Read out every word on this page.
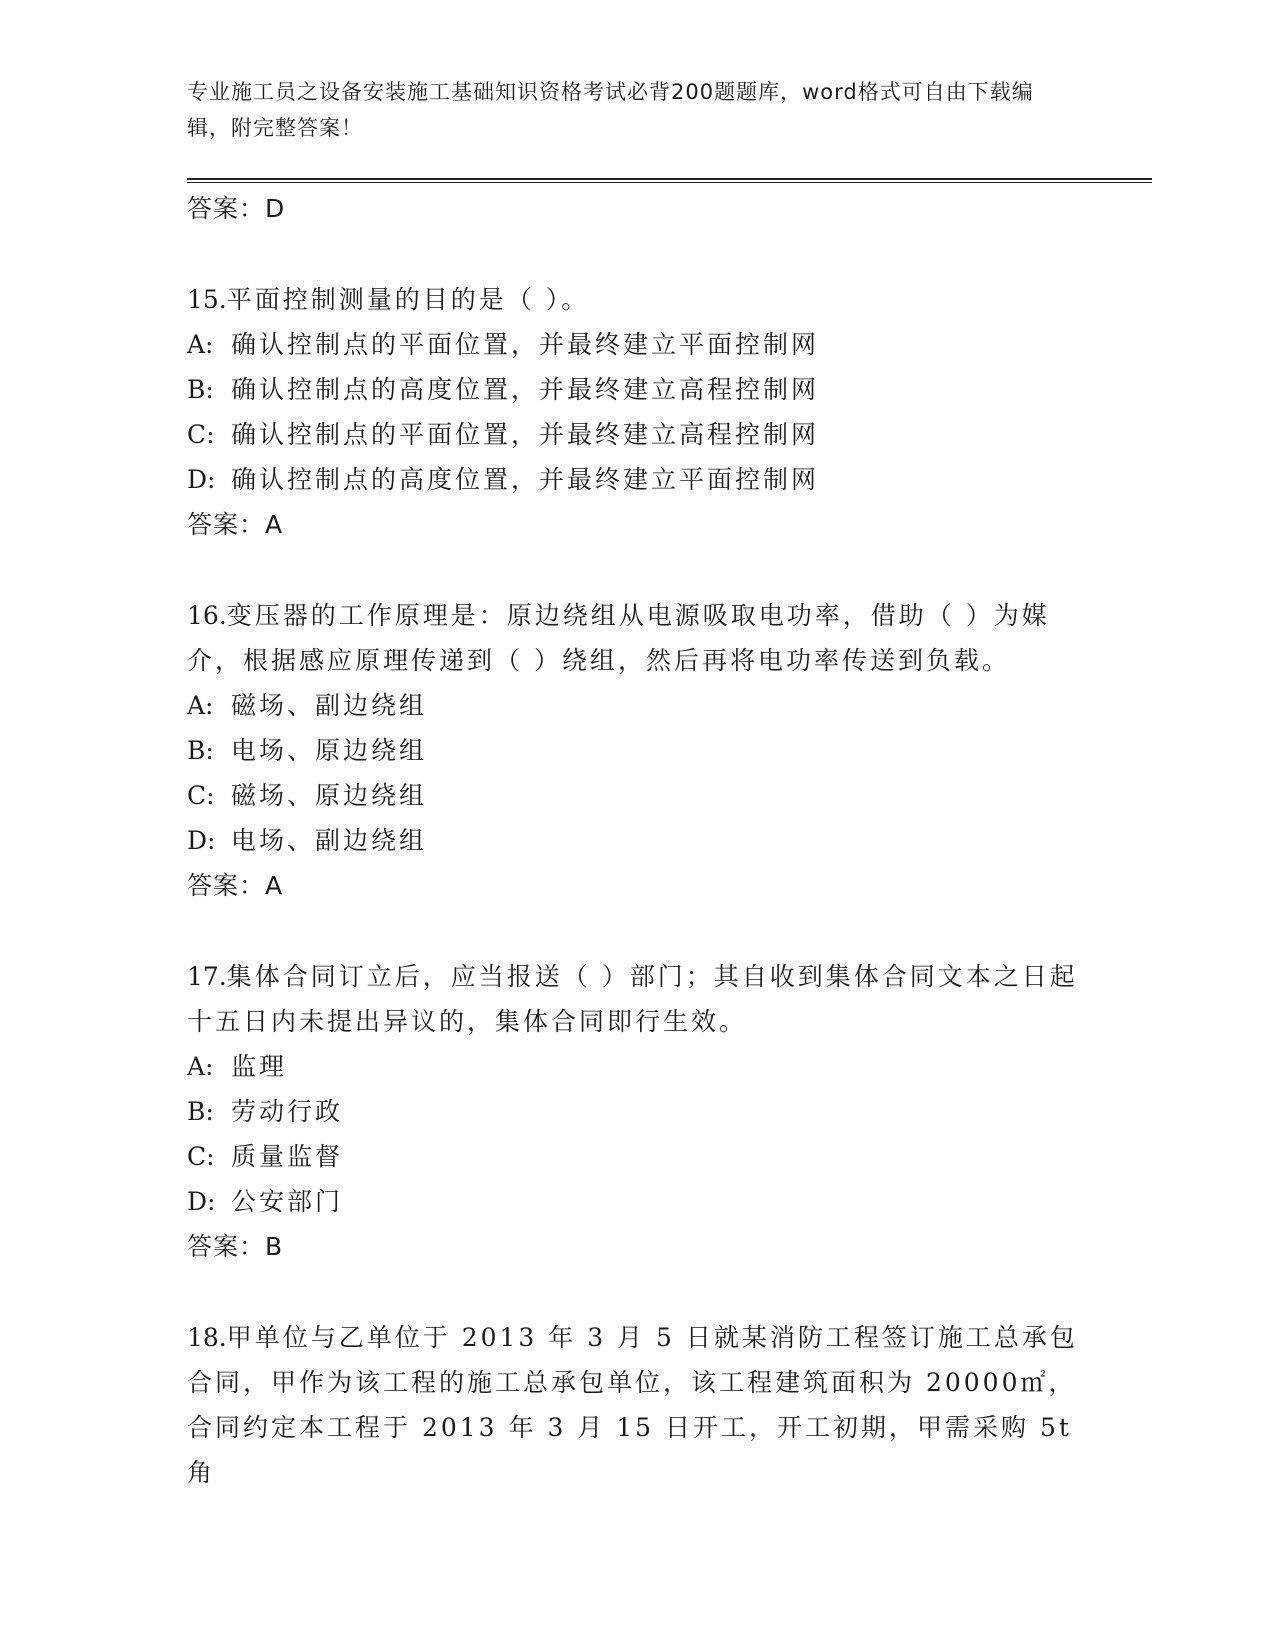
专业施工员之设备安装施工基础知识资格考试必背200题题库，word格式可自由下载编辑，附完整答案！
答案：D

15.平面控制测量的目的是（ ）。

A: 确认控制点的平面位置，并最终建立平面控制网
B: 确认控制点的高度位置，并最终建立高程控制网
C: 确认控制点的平面位置，并最终建立高程控制网
D: 确认控制点的高度位置，并最终建立平面控制网
答案：A

16.变压器的工作原理是：原边绕组从电源吸取电功率，借助（ ）为媒介，根据感应原理传递到（ ）绕组，然后再将电功率传送到负载。

A: 磁场、副边绕组
B: 电场、原边绕组
C: 磁场、原边绕组
D: 电场、副边绕组
答案：A

17.集体合同订立后，应当报送（ ）部门；其自收到集体合同文本之日起十五日内未提出异议的，集体合同即行生效。

A: 监理
B: 劳动行政
C: 质量监督
D: 公安部门
答案：B

18.甲单位与乙单位于 2013 年 3 月 5 日就某消防工程签订施工总承包合同，甲作为该工程的施工总承包单位，该工程建筑面积为 20000㎡，合同约定本工程于 2013 年 3 月 15 日开工，开工初期，甲需采购 5t 角
